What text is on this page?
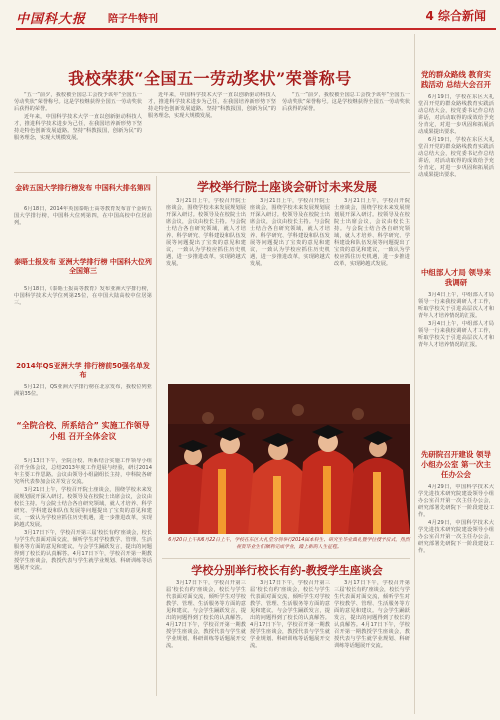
中国科大报 陪子牛特刊	4 综合新闻
我校荣获“全国五一劳动奖状”荣誉称号

“五一”前夕，我校被全国总工会授予该年“全国五一劳动奖状”荣誉称号。这是学校继获得全国五一劳动奖状后获得的荣誉。

近年来，中国科学技术大学一直以创新驱动科技人才，推进科学技术进步为己任，在我国培养新形势下坚持走特色创新发展道路。坚持“科教报国，创新为民”的服务理念，实现大规模发展。

近年来，中国科学技术大学一直以创新驱动科技人才，推进科学技术进步为己任，在我国培养新形势下坚持走特色创新发展道路。坚持“科教报国，创新为民”的服务理念，实现大规模发展。

“五一”前夕，我校被全国总工会授予该年“全国五一劳动奖状”荣誉称号。这是学校继获得全国五一劳动奖状后获得的荣誉。

金砖五国大学排行榜发布 中国科大排名第四

6月18日，2014年英国泰晤士高等教育发布首个金砖五国大学排行榜，中国科大位列第四，在中国高校中位居前列。

泰晤士报发布 亚洲大学排行榜 中国科大位列全国第三

5月18日，《泰晤士报高等教育》发布亚洲大学排行榜，中国科学技术大学位列第25位，在中国大陆高校中位居第三。

2014年QS亚洲大学 排行榜前50强名单发布

5月12日，QS亚洲大学排行榜在北京发布，我校位列亚洲第35位。

“全院合校、所系结合” 实施工作领导小组 召开全体会议

5月13日下午，全院合校、所系结合实施工作领导小组召开全体会议，总结2013年度工作进展与经验，研讨2014年主要工作思路。会议由领导小组副组长主持，中科院各研究所代表参加会议并发言交流。

3月21日上午，学校召开院士座谈会，围绕学校未来发展规划展开深入研讨。校领导及在校院士出席会议，会议由校长主持。与会院士结合各自研究领域，就人才培养、科学研究、学科建设和队伍发展等问题提出了宝贵的意见和建议，一致认为学校应抓住历史机遇，进一步推进改革，实现跨越式发展。

3月17日下午，学校召开第三届‘校长有约’座谈会，校长与学生代表面对面交流，倾听学生对学校教学、管理、生活服务等方面的意见和建议。与会学生踊跃发言，提出的问题得到了校长的认真解答。4月17日下午，学校召开第一期教授学生座谈会，教授代表与学生就学业规划、科研训练等话题展开交流。

学校举行院士座谈会研讨未来发展

3月21日上午，学校召开院士座谈会，围绕学校未来发展规划展开深入研讨。校领导及在校院士出席会议，会议由校长主持。与会院士结合各自研究领域，就人才培养、科学研究、学科建设和队伍发展等问题提出了宝贵的意见和建议，一致认为学校应抓住历史机遇，进一步推进改革，实现跨越式发展。

3月21日上午，学校召开院士座谈会，围绕学校未来发展规划展开深入研讨。校领导及在校院士出席会议，会议由校长主持。与会院士结合各自研究领域，就人才培养、科学研究、学科建设和队伍发展等问题提出了宝贵的意见和建议，一致认为学校应抓住历史机遇，进一步推进改革，实现跨越式发展。

3月21日上午，学校召开院士座谈会，围绕学校未来发展规划展开深入研讨。校领导及在校院士出席会议，会议由校长主持。与会院士结合各自研究领域，就人才培养、科学研究、学科建设和队伍发展等问题提出了宝贵的意见和建议，一致认为学校应抓住历史机遇，进一步推进改革，实现跨越式发展。

6月20日上午和6月22日上午，学校在东区大礼堂分别举行2014届本科生、研究生毕业典礼暨学位授予仪式，热烈祝贺毕业生们顺利完成学业，踏上新的人生征程。
学校分别举行校长有约-教授学生座谈会

3月17日下午，学校召开第三届‘校长有约’座谈会，校长与学生代表面对面交流，倾听学生对学校教学、管理、生活服务等方面的意见和建议。与会学生踊跃发言，提出的问题得到了校长的认真解答。4月17日下午，学校召开第一期教授学生座谈会，教授代表与学生就学业规划、科研训练等话题展开交流。

3月17日下午，学校召开第三届‘校长有约’座谈会，校长与学生代表面对面交流，倾听学生对学校教学、管理、生活服务等方面的意见和建议。与会学生踊跃发言，提出的问题得到了校长的认真解答。4月17日下午，学校召开第一期教授学生座谈会，教授代表与学生就学业规划、科研训练等话题展开交流。

3月17日下午，学校召开第三届‘校长有约’座谈会，校长与学生代表面对面交流，倾听学生对学校教学、管理、生活服务等方面的意见和建议。与会学生踊跃发言，提出的问题得到了校长的认真解答。4月17日下午，学校召开第一期教授学生座谈会，教授代表与学生就学业规划、科研训练等话题展开交流。

党的群众路线 教育实践活动 总结大会召开

6月19日，学校在东区大礼堂召开党的群众路线教育实践活动总结大会，校党委书记作总结讲话，对活动取得的成效给予充分肯定，对进一步巩固和拓展活动成果提出要求。

6月19日，学校在东区大礼堂召开党的群众路线教育实践活动总结大会，校党委书记作总结讲话，对活动取得的成效给予充分肯定，对进一步巩固和拓展活动成果提出要求。

中组部人才局 领导来我调研

3月4日上午，中组部人才局领导一行来我校调研人才工作，听取学校关于引进高层次人才和青年人才培养情况的汇报。

3月4日上午，中组部人才局领导一行来我校调研人才工作，听取学校关于引进高层次人才和青年人才培养情况的汇报。

先研院召开建设 领导小组办公室 第一次主任办公会

4月29日，中国科学技术大学先进技术研究院建设领导小组办公室召开第一次主任办公会，研究部署先研院下一阶段建设工作。

4月29日，中国科学技术大学先进技术研究院建设领导小组办公室召开第一次主任办公会，研究部署先研院下一阶段建设工作。
